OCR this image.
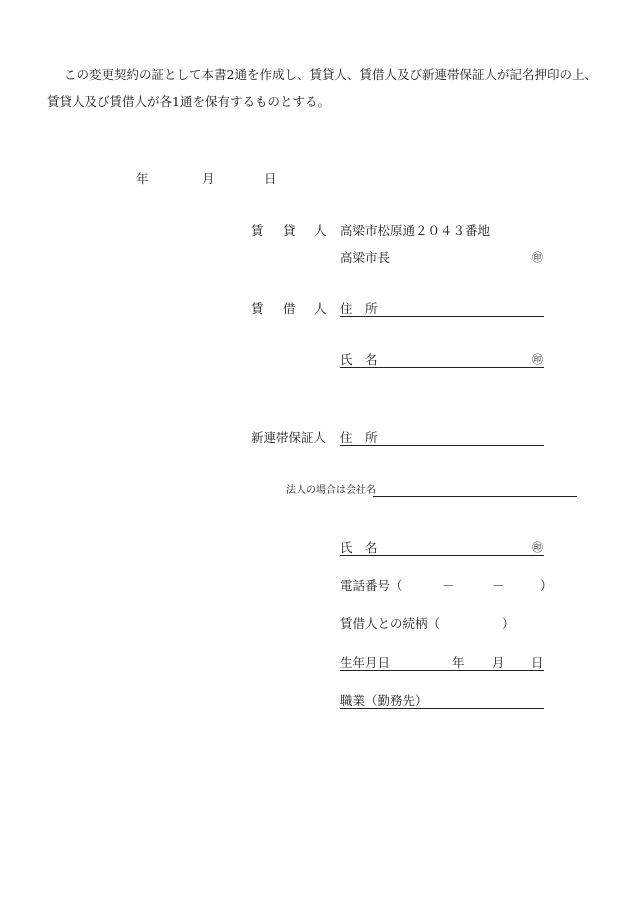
この変更契約の証として本書2通を作成し、賃貸人、賃借人及び新連帯保証人が記名押印の上、
賃貸人及び賃借人が各1通を保有するものとする。
年	月	日
賃 貸 人 高梁市松原通２０４３番地
高梁市長	㊞
賃 借 人 住　所
氏　名	㊞
新連帯保証人 住　所
法人の場合は会社名
氏　名	㊞
電話番号（	－	－	）
賃借人との続柄（	）
生年月日	年 月 日
職業（勤務先）
